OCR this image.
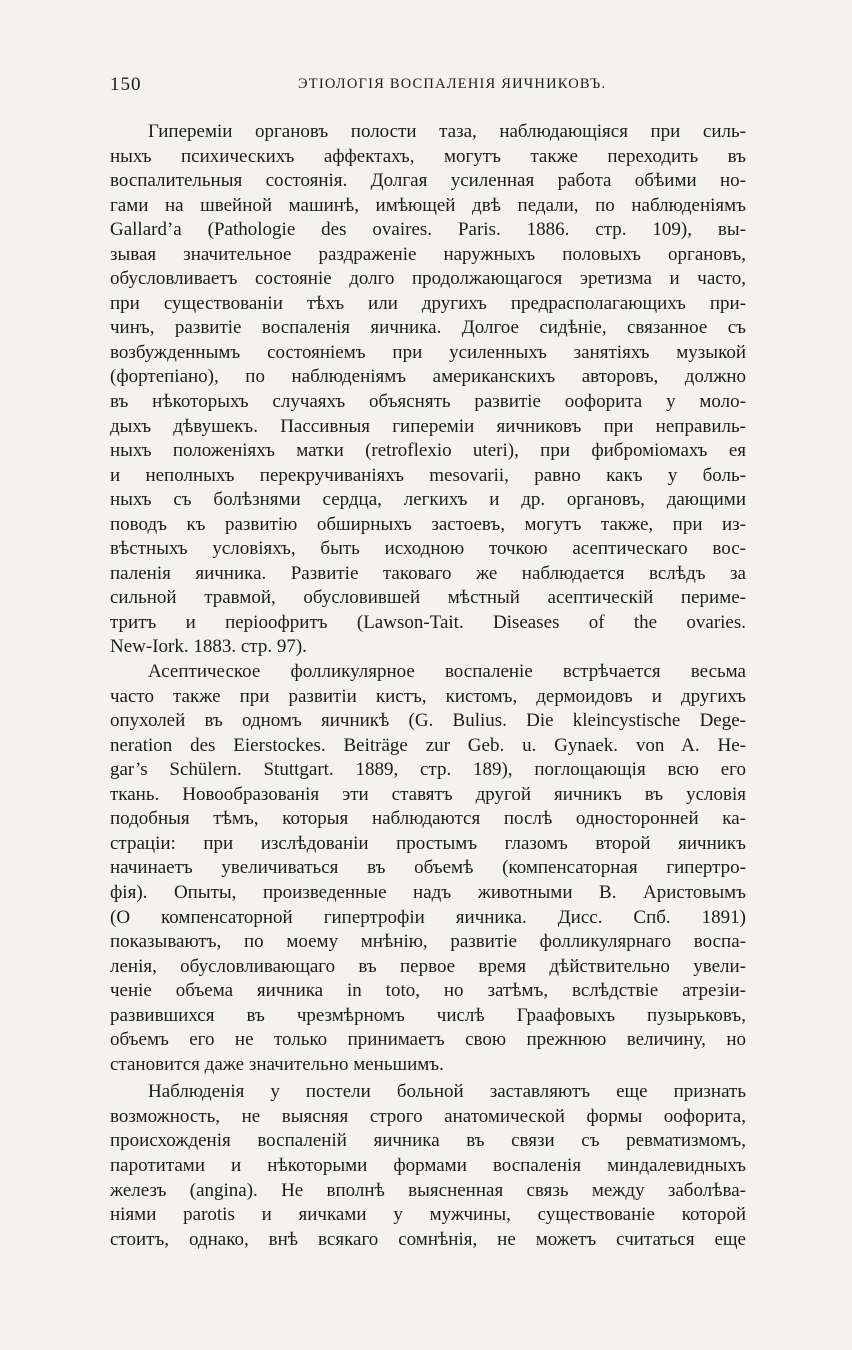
150	ЭТІОЛОГІЯ ВОСПАЛЕНІЯ ЯИЧНИКОВЪ.
Гипереміи органовъ полости таза, наблюдающіяся при силь-
ныхъ психическихъ аффектахъ, могутъ также переходить въ
воспалительныя состоянія. Долгая усиленная работа обѣими но-
гами на швейной машинѣ, имѣющей двѣ педали, по наблюденіямъ
Gallard’a (Pathologie des ovaires. Paris. 1886. стр. 109), вы-
зывая значительное раздраженіе наружныхъ половыхъ органовъ,
обусловливаетъ состояніе долго продолжающагося эретизма и часто,
при существованіи тѣхъ или другихъ предрасполагающихъ при-
чинъ, развитіе воспаленія яичника. Долгое сидѣніе, связанное съ
возбужденнымъ состояніемъ при усиленныхъ занятіяхъ музыкой
(фортепіано), по наблюденіямъ американскихъ авторовъ, должно
въ нѣкоторыхъ случаяхъ объяснять развитіе оофорита у моло-
дыхъ дѣвушекъ. Пассивныя гипереміи яичниковъ при неправиль-
ныхъ положеніяхъ матки (retroflexio uteri), при фиброміомахъ ея
и неполныхъ перекручиваніяхъ mesovarii, равно какъ у боль-
ныхъ съ болѣзнями сердца, легкихъ и др. органовъ, дающими
поводъ къ развитію обширныхъ застоевъ, могутъ также, при из-
вѣстныхъ условіяхъ, быть исходною точкою асептическаго вос-
паленія яичника. Развитіе таковаго же наблюдается вслѣдъ за
сильной травмой, обусловившей мѣстный асептическій периме-
тритъ и періоофритъ (Lawson-Tait. Diseases of the ovaries.
New-Iork. 1883. стр. 97).
Асептическое фолликулярное воспаленіе встрѣчается весьма
часто также при развитіи кистъ, кистомъ, дермоидовъ и другихъ
опухолей въ одномъ яичникѣ (G. Bulius. Die kleincystische Dege-
neration des Eierstockes. Beiträge zur Geb. u. Gynaek. von A. He-
gar’s Schülern. Stuttgart. 1889, стр. 189), поглощающія всю его
ткань. Новообразованія эти ставятъ другой яичникъ въ условія
подобныя тѣмъ, которыя наблюдаются послѣ односторонней ка-
страціи: при изслѣдованіи простымъ глазомъ второй яичникъ
начинаетъ увеличиваться въ объемѣ (компенсаторная гипертро-
фія). Опыты, произведенные надъ животными В. Аристовымъ
(О компенсаторной гипертрофіи яичника. Дисс. Спб. 1891)
показываютъ, по моему мнѣнію, развитіе фолликулярнаго воспа-
ленія, обусловливающаго въ первое время дѣйствительно увели-
ченіе объема яичника in toto, но затѣмъ, вслѣдствіе атрезіи-
развившихся въ чрезмѣрномъ числѣ Граафовыхъ пузырьковъ,
объемъ его не только принимаетъ свою прежнюю величину, но
становится даже значительно меньшимъ.
Наблюденія у постели больной заставляютъ еще признать
возможность, не выясняя строго анатомической формы оофорита,
происхожденія воспаленій яичника въ связи съ ревматизмомъ,
паротитами и нѣкоторыми формами воспаленія миндалевидныхъ
железъ (angina). Не вполнѣ выясненная связь между заболѣва-
ніями parotis и яичками у мужчины, существованіе которой
стоитъ, однако, внѣ всякаго сомнѣнія, не можетъ считаться еще
